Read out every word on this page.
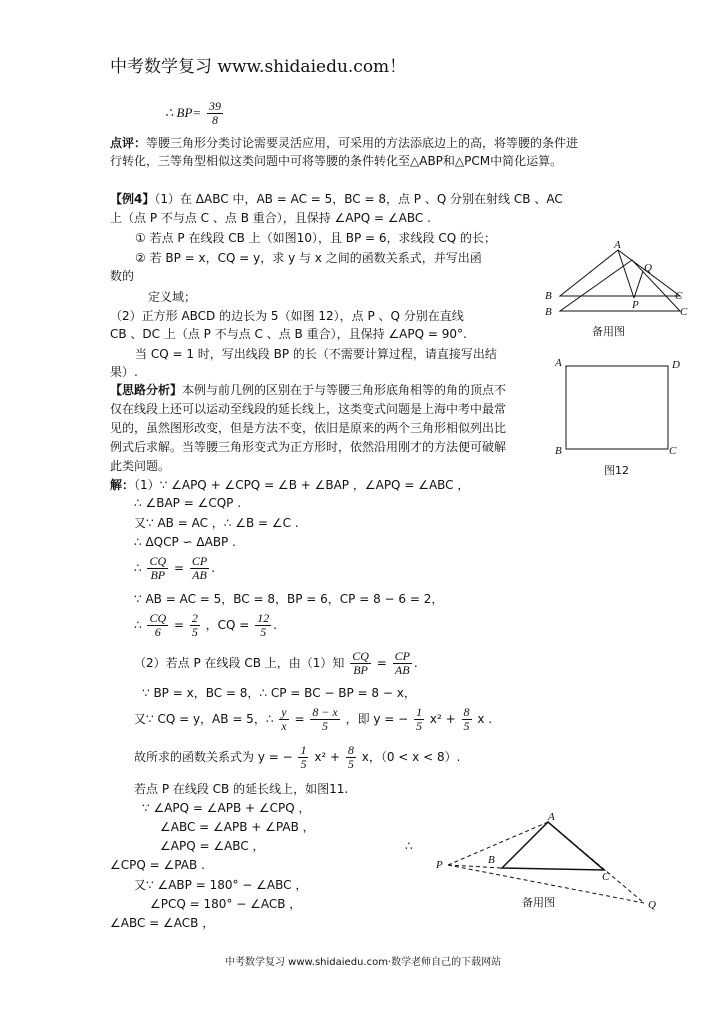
中考数学复习 www.shidaiedu.com！
∴ $BP= \frac{39}{8}$
点评：等腰三角形分类讨论需要灵活应用，可采用的方法添底边上的高，将等腰的条件进
行转化，三等角型相似这类问题中可将等腰的条件转化至△ABP和△PCM中简化运算。
【例4】（1）在 ΔABC 中，AB = AC = 5，BC = 8，点 P 、Q 分别在射线 CB 、AC
上（点 P 不与点 C 、点 B 重合），且保持 ∠APQ = ∠ABC .
① 若点 P 在线段 CB 上（如图10），且 BP = 6，求线段 CQ 的长；
② 若 BP = x，CQ = y，求 y 与 x 之间的函数关系式，并写出函
数的
定义域；
（2）正方形 ABCD 的边长为 5（如图 12），点 P 、Q 分别在直线
CB 、DC 上（点 P 不与点 C 、点 B 重合），且保持 ∠APQ = 90°.
当 CQ = 1 时，写出线段 BP 的长（不需要计算过程，请直接写出结
果）.
【思路分析】本例与前几例的区别在于与等腰三角形底角相等的角的顶点不
仅在线段上还可以运动至线段的延长线上，这类变式问题是上海中考中最常
见的，虽然图形改变，但是方法不变，依旧是原来的两个三角形相似列出比
例式后求解。当等腰三角形变式为正方形时，依然沿用刚才的方法便可破解
此类问题。
解：（1）∵ ∠APQ + ∠CPQ = ∠B + ∠BAP ，∠APQ = ∠ABC ，
∴ ∠BAP = ∠CQP .
又∵ AB = AC ，∴ ∠B = ∠C .
∴ ΔQCP ∽ ΔABP .
∴ $\frac{CQ}{BP} = \frac{CP}{AB}$ .
∵ AB = AC = 5，BC = 8，BP = 6，CP = 8 − 6 = 2，
∴ $\frac{CQ}{6} = \frac{2}{5}$ ，CQ = $\frac{12}{5}$ .
（2）若点 P 在线段 CB 上，由（1）知 $\frac{CQ}{BP} = \frac{CP}{AB}$ .
∵ BP = x，BC = 8，∴ CP = BC − BP = 8 − x，
又∵ CQ = y，AB = 5，∴ $\frac{y}{x} = \frac{8 - x}{5}$ ，即 y = − $\frac{1}{5} x^2 + \frac{8}{5}$ x .
故所求的函数关系式为 y = − $\frac{1}{5} x^2 + \frac{8}{5}$ x，（0 < x < 8）.
若点 P 在线段 CB 的延长线上，如图11.
∵ ∠APQ = ∠APB + ∠CPQ ，
∠ABC = ∠APB + ∠PAB ，
∠APQ = ∠ABC ，	∴
∠CPQ = ∠PAB .
又∵ ∠ABP = 180° − ∠ABC ，
∠PCQ = 180° − ∠ACB ，
∠ABC = ∠ACB ，
A
Q
P
B	C
B	C
备用图
A	D
B	C
图12
A
P	B
C
Q
备用图
中考数学复习 www.shidaiedu.com·数学老师自己的下载网站
